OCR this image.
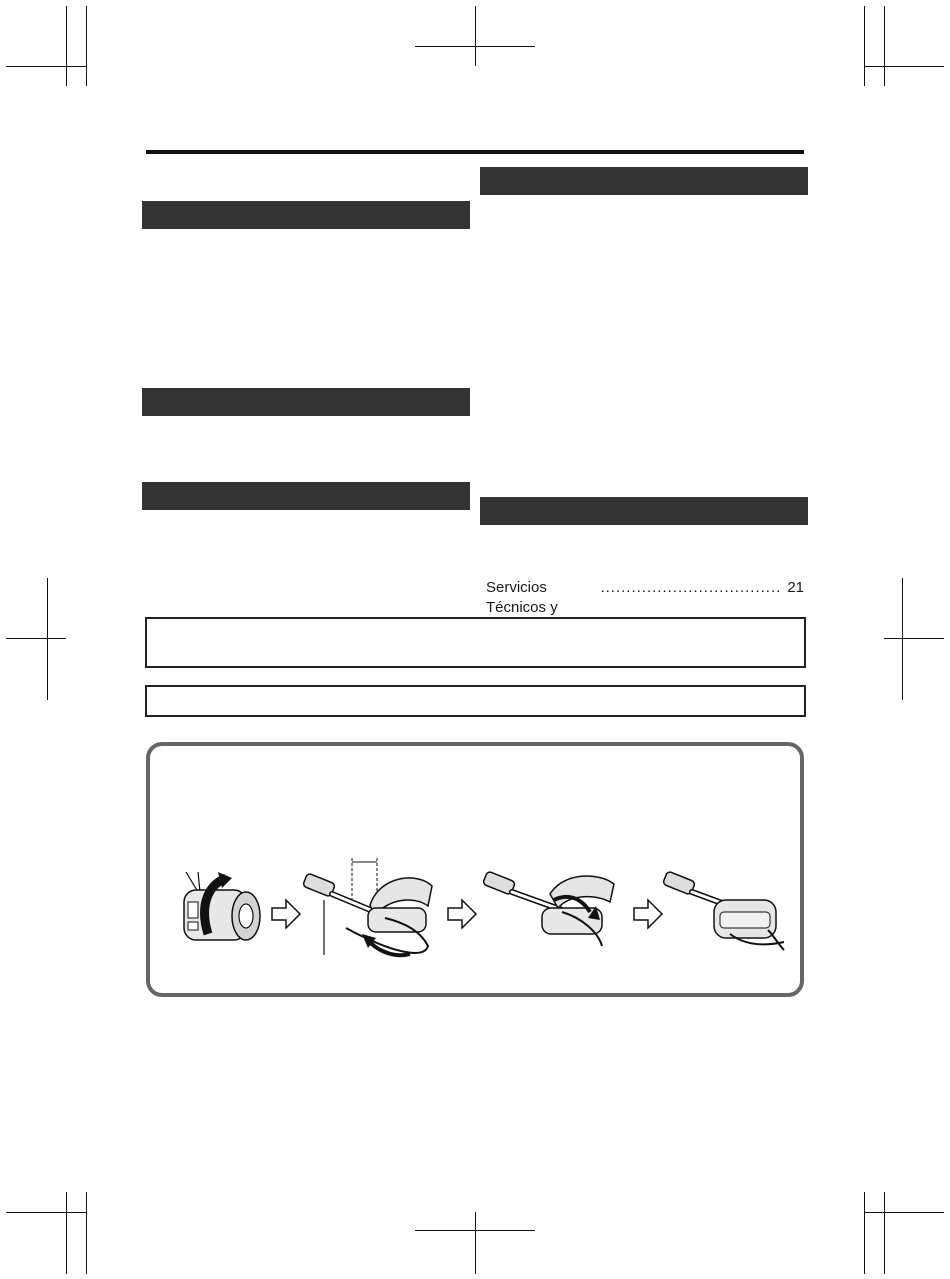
Servicios Técnicos y
................................... 21
